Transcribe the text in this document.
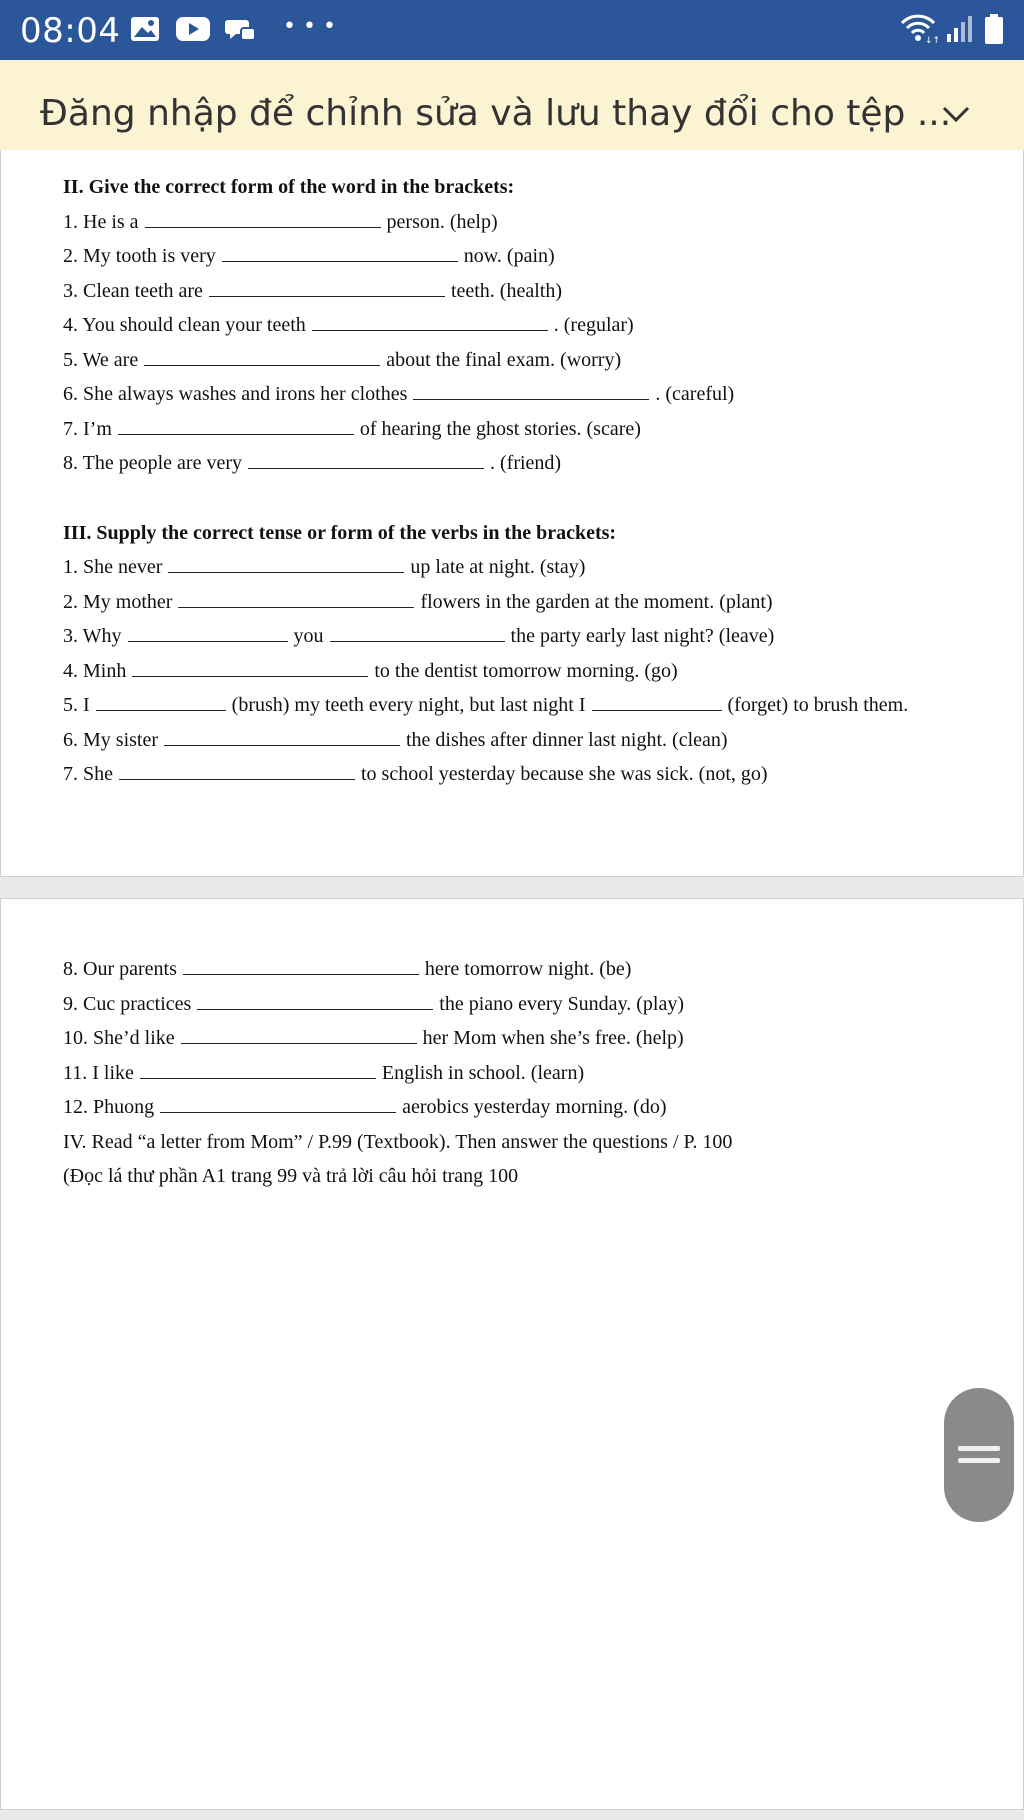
08:04	• • •
↓↑
Đăng nhập để chỉnh sửa và lưu thay đổi cho tệp ...
II. Give the correct form of the word in the brackets:
1. He is a	person. (help)
2. My tooth is very	now. (pain)
3. Clean teeth are	teeth. (health)
4. You should clean your teeth	. (regular)
5. We are	about the final exam. (worry)
6. She always washes and irons her clothes	. (careful)
7. I’m	of hearing the ghost stories. (scare)
8. The people are very	. (friend)
III. Supply the correct tense or form of the verbs in the brackets:
1. She never	up late at night. (stay)
2. My mother	flowers in the garden at the moment. (plant)
3. Why	you	the party early last night? (leave)
4. Minh	to the dentist tomorrow morning. (go)
5. I	(brush) my teeth every night, but last night I	(forget) to brush them.
6. My sister	the dishes after dinner last night. (clean)
7. She	to school yesterday because she was sick. (not, go)
8. Our parents	here tomorrow night. (be)
9. Cuc practices	the piano every Sunday. (play)
10. She’d like	her Mom when she’s free. (help)
11. I like	English in school. (learn)
12. Phuong	aerobics yesterday morning. (do)
IV. Read “a letter from Mom” / P.99 (Textbook). Then answer the questions / P. 100
(Đọc lá thư phần A1 trang 99 và trả lời câu hỏi trang 100
